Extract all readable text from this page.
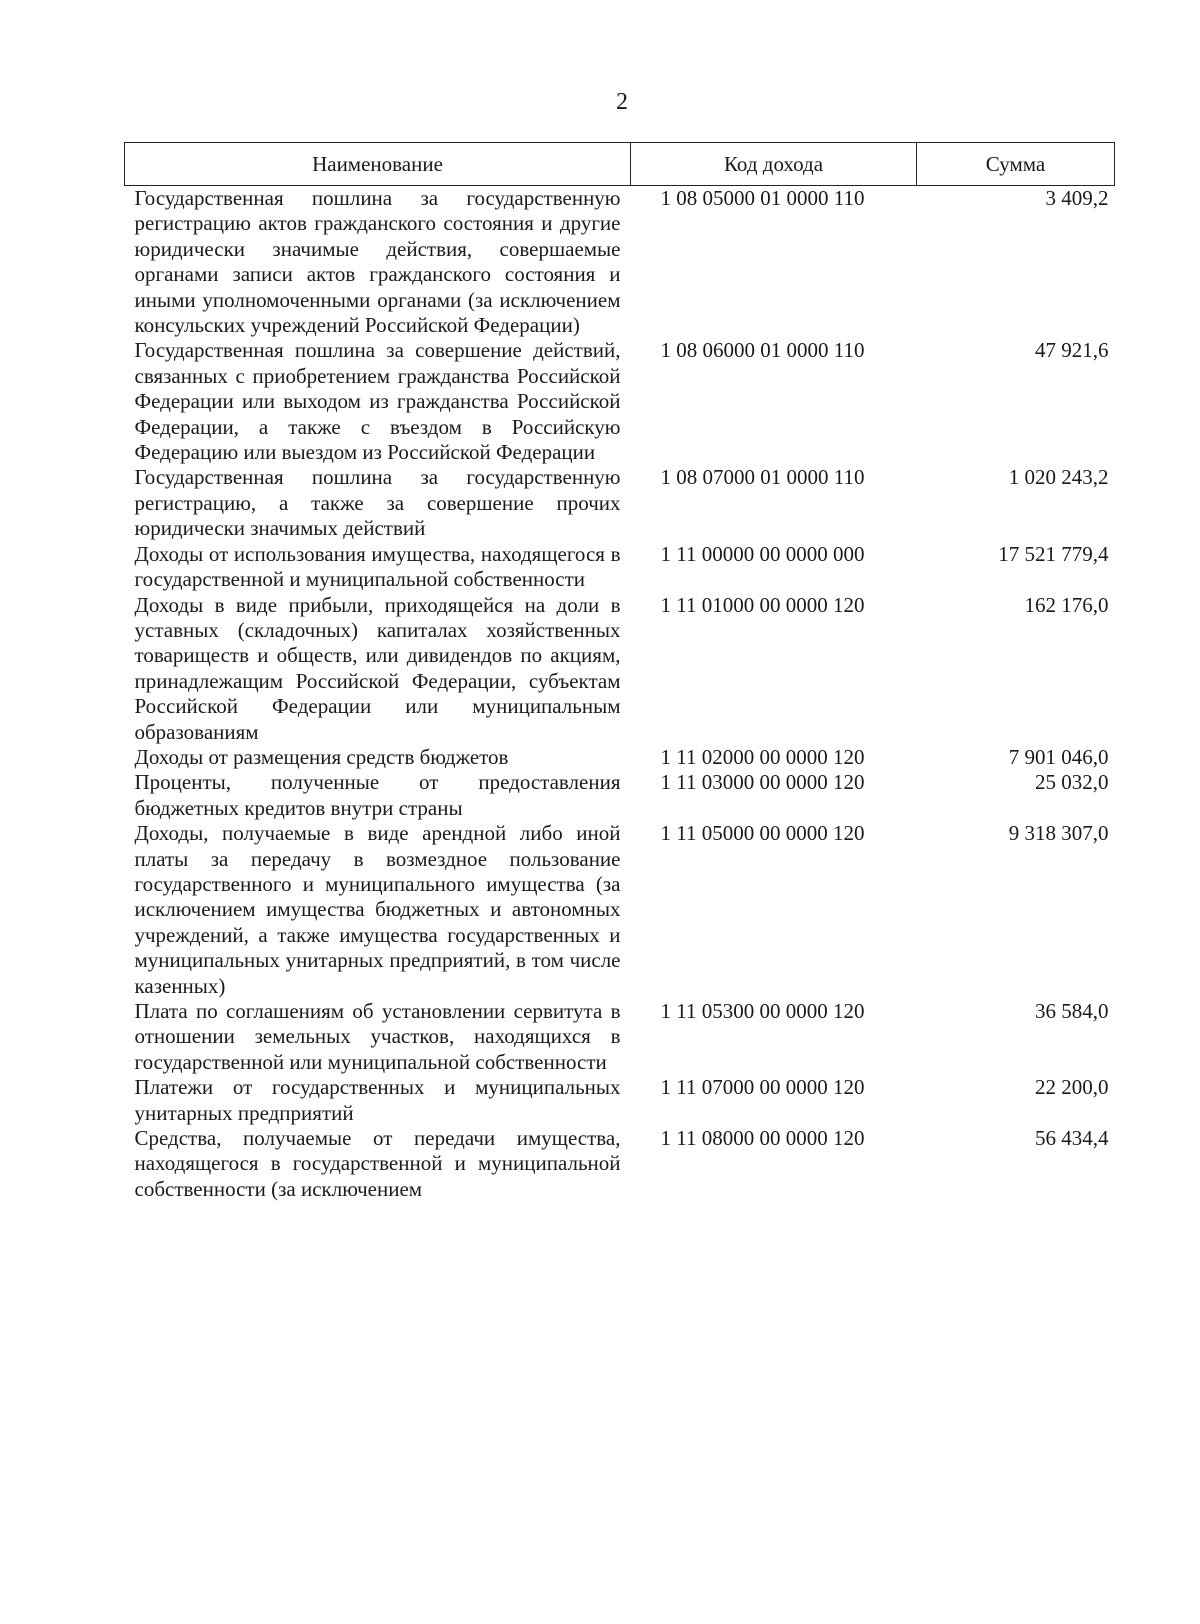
2
Наименование	Код дохода	Сумма
Государственная пошлина за государственную регистрацию актов гражданского состояния и другие юридически значимые действия, совершаемые органами записи актов гражданского состояния и иными уполномоченными органами (за исключением консульских учреждений Российской Федерации)	1 08 05000 01 0000 110	3 409,2
Государственная пошлина за совершение действий, связанных с приобретением гражданства Российской Федерации или выходом из гражданства Российской Федерации, а также с въездом в Российскую Федерацию или выездом из Российской Федерации	1 08 06000 01 0000 110	47 921,6
Государственная пошлина за государственную регистрацию, а также за совершение прочих юридически значимых действий	1 08 07000 01 0000 110	1 020 243,2
Доходы от использования имущества, находящегося в государственной и муниципальной собственности	1 11 00000 00 0000 000	17 521 779,4
Доходы в виде прибыли, приходящейся на доли в уставных (складочных) капиталах хозяйственных товариществ и обществ, или дивидендов по акциям, принадлежащим Российской Федерации, субъектам Российской Федерации или муниципальным образованиям	1 11 01000 00 0000 120	162 176,0
Доходы от размещения средств бюджетов	1 11 02000 00 0000 120	7 901 046,0
Проценты, полученные от предоставления бюджетных кредитов внутри страны	1 11 03000 00 0000 120	25 032,0
Доходы, получаемые в виде арендной либо иной платы за передачу в возмездное пользование государственного и муниципального имущества (за исключением имущества бюджетных и автономных учреждений, а также имущества государственных и муниципальных унитарных предприятий, в том числе казенных)	1 11 05000 00 0000 120	9 318 307,0
Плата по соглашениям об установлении сервитута в отношении земельных участков, находящихся в государственной или муниципальной собственности	1 11 05300 00 0000 120	36 584,0
Платежи от государственных и муниципальных унитарных предприятий	1 11 07000 00 0000 120	22 200,0
Средства, получаемые от передачи имущества, находящегося в государственной и муниципальной собственности (за исключением	1 11 08000 00 0000 120	56 434,4
